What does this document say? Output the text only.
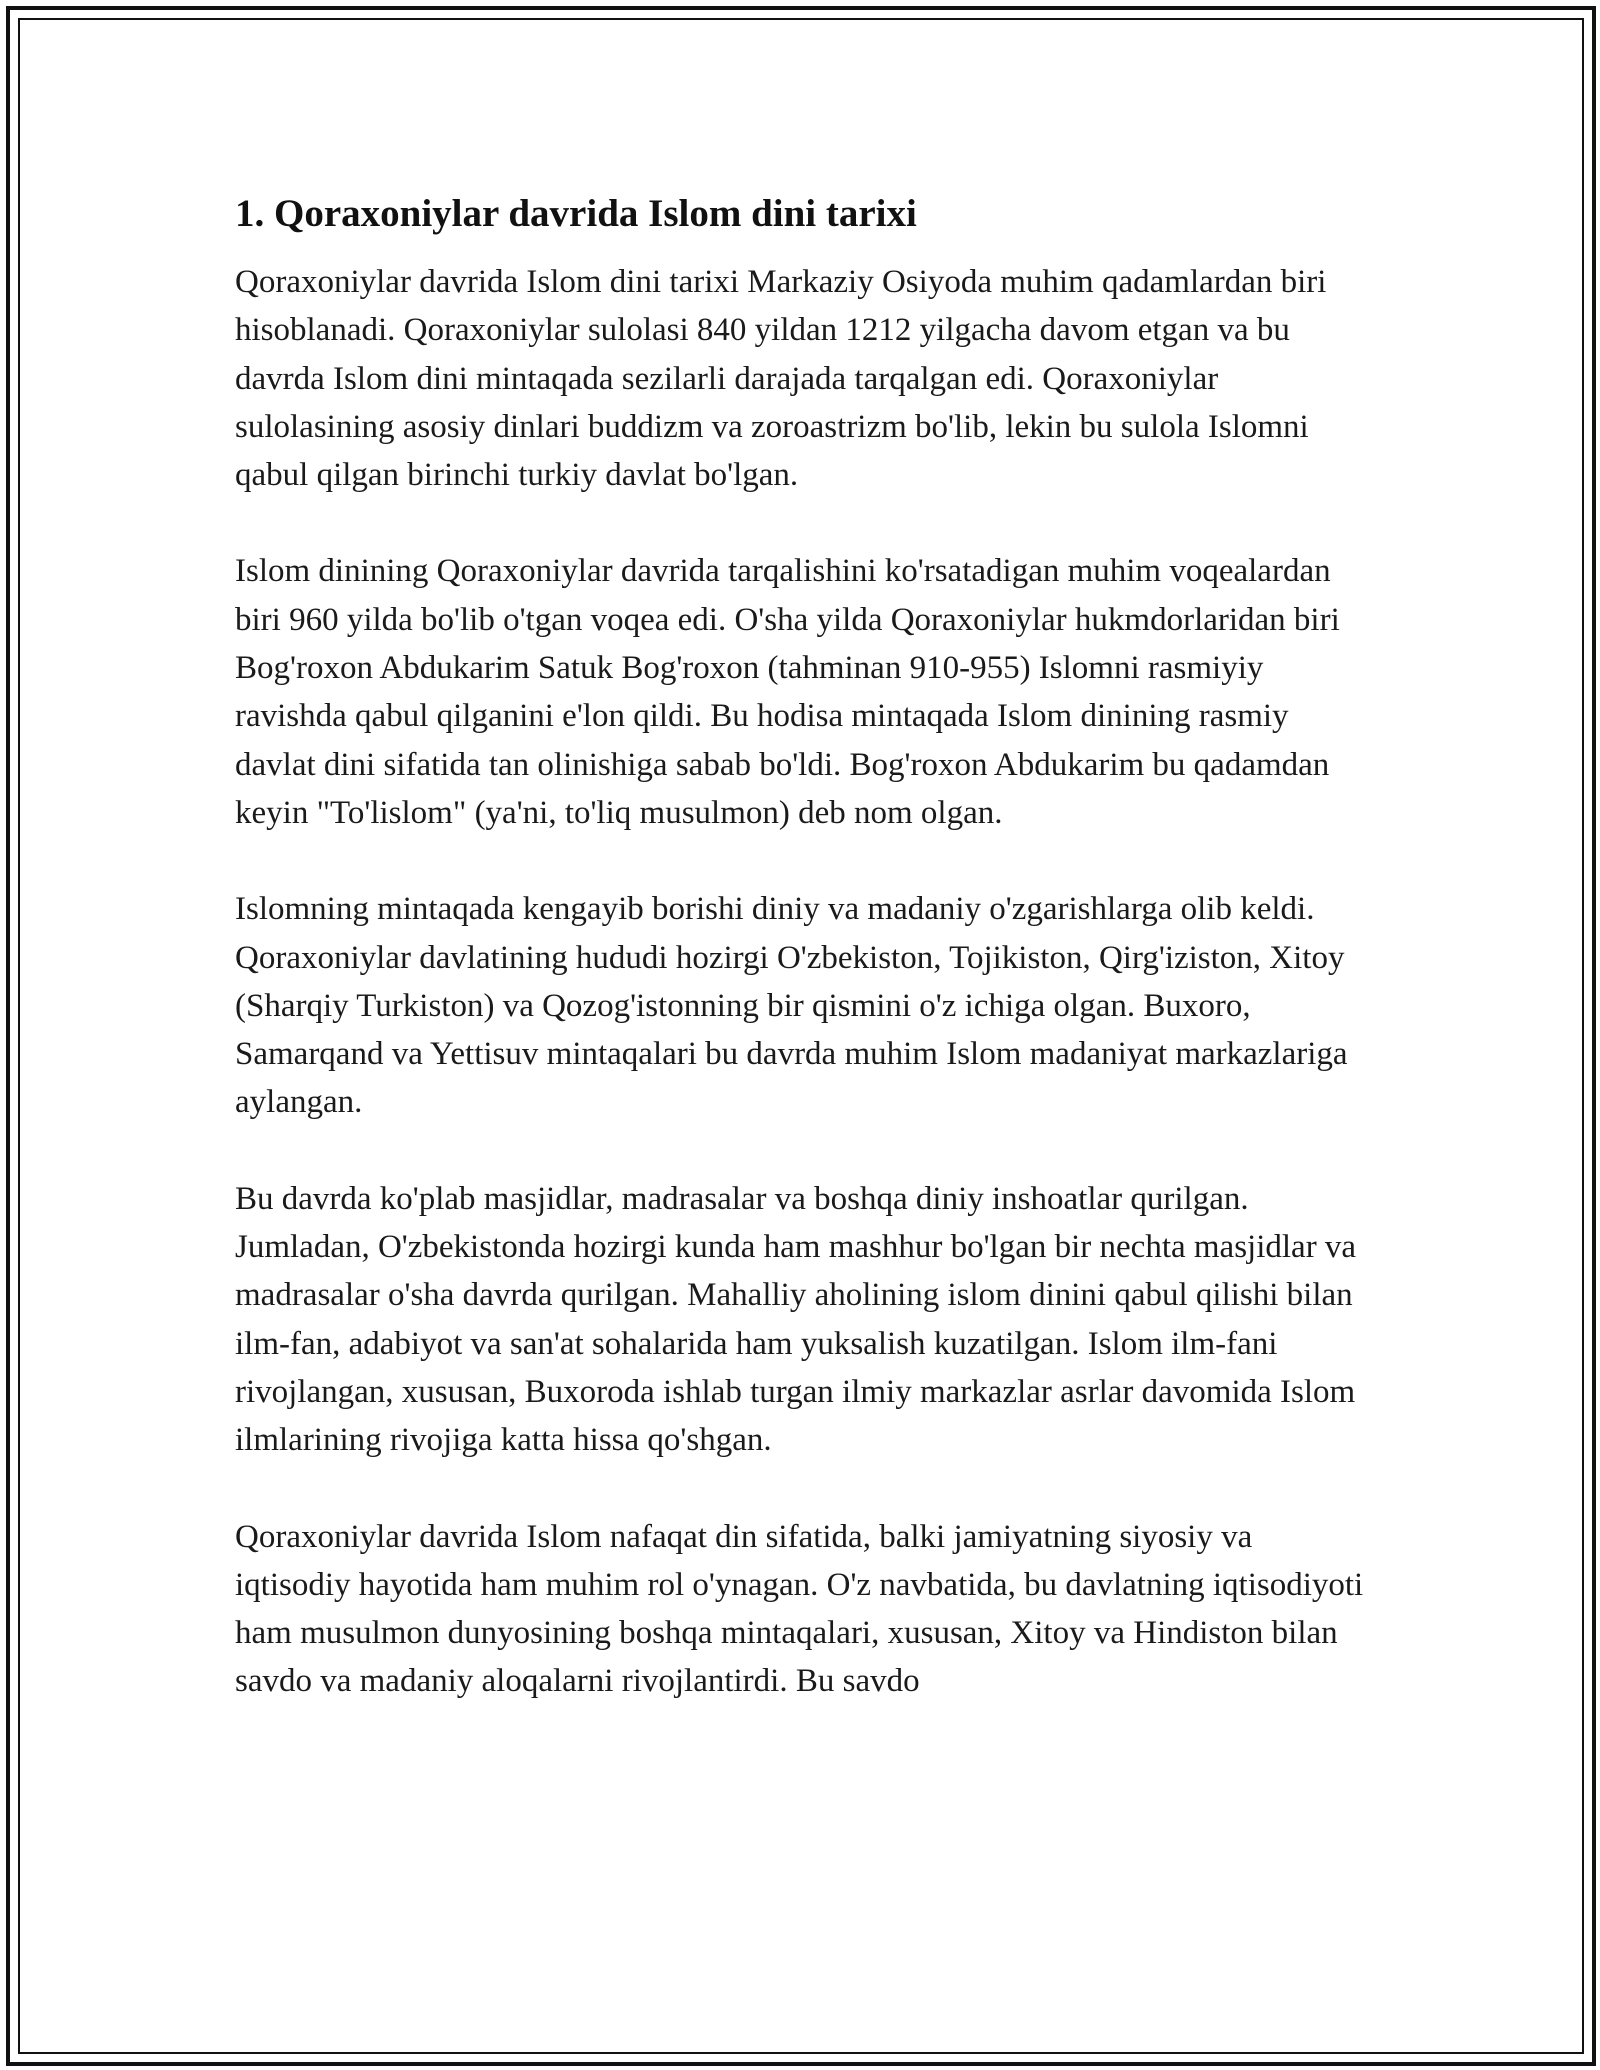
1. Qoraxoniylar davrida Islom dini tarixi

Qoraxoniylar davrida Islom dini tarixi Markaziy Osiyoda muhim qadamlardan biri hisoblanadi. Qoraxoniylar sulolasi 840 yildan 1212 yilgacha davom etgan va bu davrda Islom dini mintaqada sezilarli darajada tarqalgan edi. Qoraxoniylar sulolasining asosiy dinlari buddizm va zoroastrizm bo'lib, lekin bu sulola Islomni qabul qilgan birinchi turkiy davlat bo'lgan.

Islom dinining Qoraxoniylar davrida tarqalishini ko'rsatadigan muhim voqealardan biri 960 yilda bo'lib o'tgan voqea edi. O'sha yilda Qoraxoniylar hukmdorlaridan biri Bog'roxon Abdukarim Satuk Bog'roxon (tahminan 910-955) Islomni rasmiyiy ravishda qabul qilganini e'lon qildi. Bu hodisa mintaqada Islom dinining rasmiy davlat dini sifatida tan olinishiga sabab bo'ldi. Bog'roxon Abdukarim bu qadamdan keyin "To'lislom" (ya'ni, to'liq musulmon) deb nom olgan.

Islomning mintaqada kengayib borishi diniy va madaniy o'zgarishlarga olib keldi. Qoraxoniylar davlatining hududi hozirgi O'zbekiston, Tojikiston, Qirg'iziston, Xitoy (Sharqiy Turkiston) va Qozog'istonning bir qismini o'z ichiga olgan. Buxoro, Samarqand va Yettisuv mintaqalari bu davrda muhim Islom madaniyat markazlariga aylangan.

Bu davrda ko'plab masjidlar, madrasalar va boshqa diniy inshoatlar qurilgan. Jumladan, O'zbekistonda hozirgi kunda ham mashhur bo'lgan bir nechta masjidlar va madrasalar o'sha davrda qurilgan. Mahalliy aholining islom dinini qabul qilishi bilan ilm-fan, adabiyot va san'at sohalarida ham yuksalish kuzatilgan. Islom ilm-fani rivojlangan, xususan, Buxoroda ishlab turgan ilmiy markazlar asrlar davomida Islom ilmlarining rivojiga katta hissa qo'shgan.

Qoraxoniylar davrida Islom nafaqat din sifatida, balki jamiyatning siyosiy va iqtisodiy hayotida ham muhim rol o'ynagan. O'z navbatida, bu davlatning iqtisodiyoti ham musulmon dunyosining boshqa mintaqalari, xususan, Xitoy va Hindiston bilan savdo va madaniy aloqalarni rivojlantirdi. Bu savdo
